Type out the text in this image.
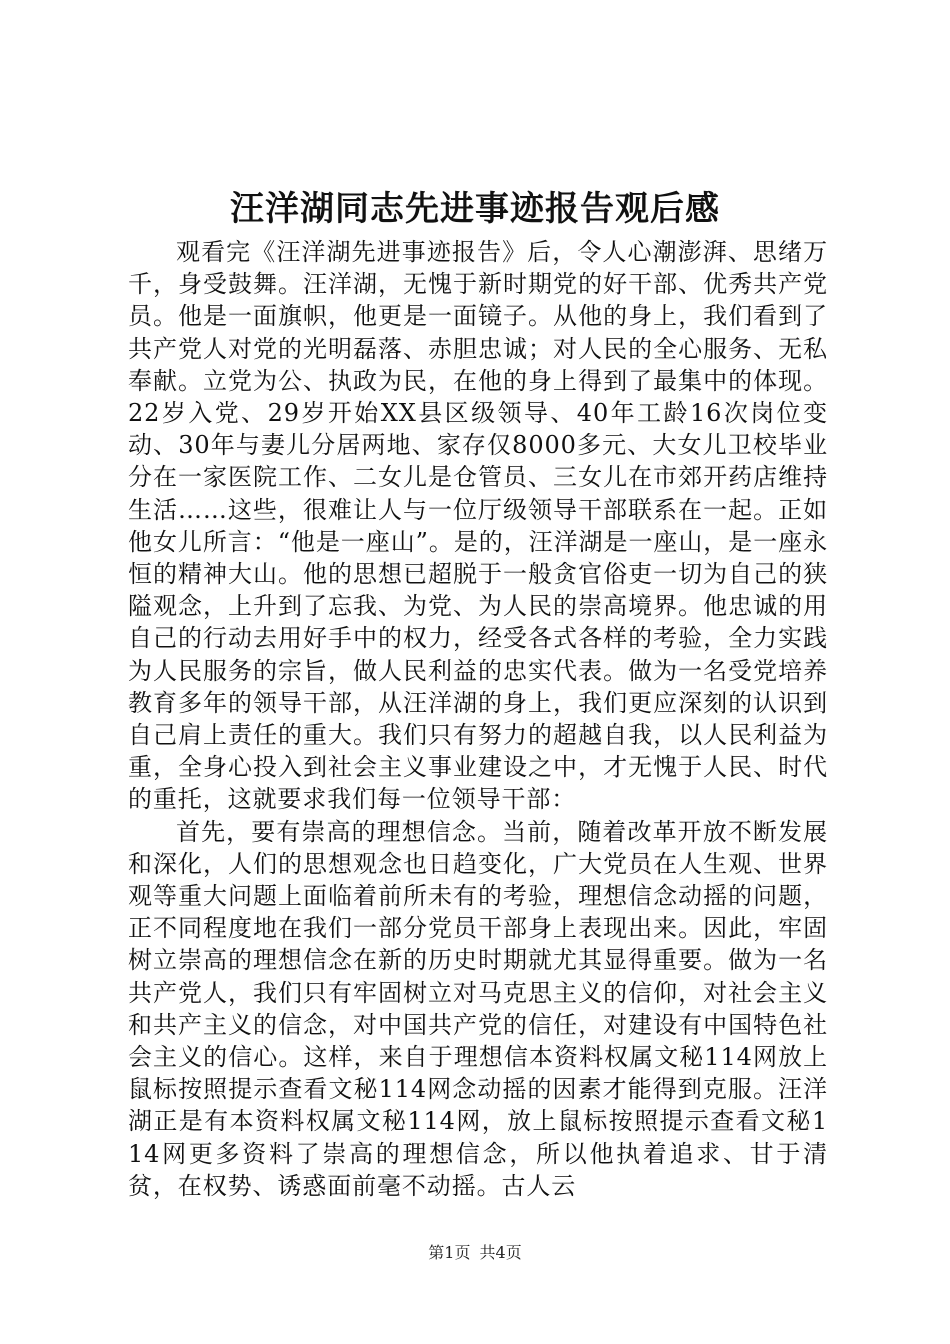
汪洋湖同志先进事迹报告观后感

观看完《汪洋湖先进事迹报告》后，令人心潮澎湃、思绪万千，身受鼓舞。汪洋湖，无愧于新时期党的好干部、优秀共产党员。他是一面旗帜，他更是一面镜子。从他的身上，我们看到了共产党人对党的光明磊落、赤胆忠诚；对人民的全心服务、无私奉献。立党为公、执政为民，在他的身上得到了最集中的体现。22岁入党、29岁开始XX县区级领导、40年工龄16次岗位变动、30年与妻儿分居两地、家存仅8000多元、大女儿卫校毕业分在一家医院工作、二女儿是仓管员、三女儿在市郊开药店维持生活……这些，很难让人与一位厅级领导干部联系在一起。正如他女儿所言：“他是一座山”。是的，汪洋湖是一座山，是一座永恒的精神大山。他的思想已超脱于一般贪官俗吏一切为自己的狭隘观念，上升到了忘我、为党、为人民的崇高境界。他忠诚的用自己的行动去用好手中的权力，经受各式各样的考验，全力实践为人民服务的宗旨，做人民利益的忠实代表。做为一名受党培养教育多年的领导干部，从汪洋湖的身上，我们更应深刻的认识到自己肩上责任的重大。我们只有努力的超越自我，以人民利益为重，全身心投入到社会主义事业建设之中，才无愧于人民、时代的重托，这就要求我们每一位领导干部：

首先，要有崇高的理想信念。当前，随着改革开放不断发展和深化，人们的思想观念也日趋变化，广大党员在人生观、世界观等重大问题上面临着前所未有的考验，理想信念动摇的问题，正不同程度地在我们一部分党员干部身上表现出来。因此，牢固树立崇高的理想信念在新的历史时期就尤其显得重要。做为一名共产党人，我们只有牢固树立对马克思主义的信仰，对社会主义和共产主义的信念，对中国共产党的信任，对建设有中国特色社会主义的信心。这样，来自于理想信本资料权属文秘114网放上鼠标按照提示查看文秘114网念动摇的因素才能得到克服。汪洋湖正是有本资料权属文秘114网，放上鼠标按照提示查看文秘114网更多资料了崇高的理想信念，所以他执着追求、甘于清贫，在权势、诱惑面前毫不动摇。古人云

第1页 共4页
